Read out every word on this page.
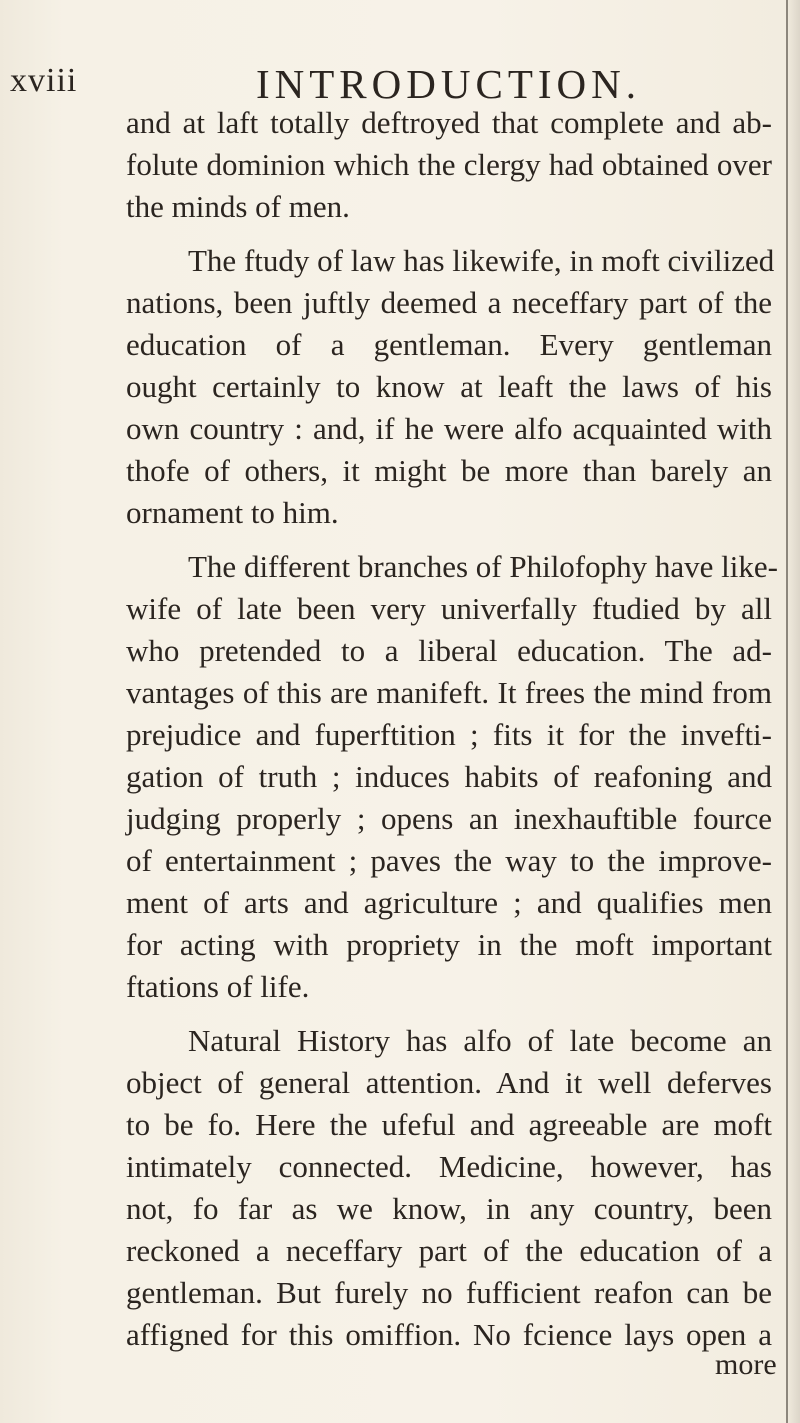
xviii	INTRODUCTION.
and at laft totally deftroyed that complete and ab-
folute dominion which the clergy had obtained over
the minds of men.
The ftudy of law has likewife, in moft civilized
nations, been juftly deemed a neceffary part of the
education of a gentleman. Every gentleman
ought certainly to know at leaft the laws of his
own country : and, if he were alfo acquainted with
thofe of others, it might be more than barely an
ornament to him.
The different branches of Philofophy have like-
wife of late been very univerfally ftudied by all
who pretended to a liberal education. The ad-
vantages of this are manifeft. It frees the mind from
prejudice and fuperftition ; fits it for the invefti-
gation of truth ; induces habits of reafoning and
judging properly ; opens an inexhauftible fource
of entertainment ; paves the way to the improve-
ment of arts and agriculture ; and qualifies men
for acting with propriety in the moft important
ftations of life.
Natural History has alfo of late become an
object of general attention. And it well deferves
to be fo. Here the ufeful and agreeable are moft
intimately connected. Medicine, however, has
not, fo far as we know, in any country, been
reckoned a neceffary part of the education of a
gentleman. But furely no fufficient reafon can be
affigned for this omiffion. No fcience lays open a
more
